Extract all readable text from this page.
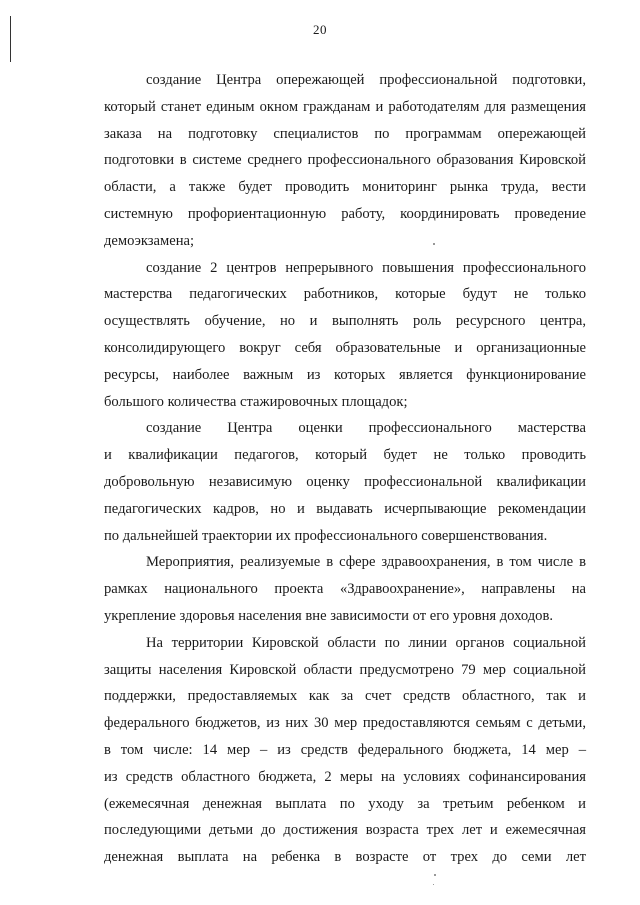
20
создание Центра опережающей профессиональной подготовки,
который станет единым окном гражданам и работодателям для размещения
заказа на подготовку специалистов по программам опережающей
подготовки в системе среднего профессионального образования Кировской
области, а также будет проводить мониторинг рынка труда, вести
системную профориентационную работу, координировать проведение
демоэкзамена;
создание 2 центров непрерывного повышения профессионального
мастерства педагогических работников, которые будут не только
осуществлять обучение, но и выполнять роль ресурсного центра,
консолидирующего вокруг себя образовательные и организационные
ресурсы, наиболее важным из которых является функционирование
большого количества стажировочных площадок;
создание Центра оценки профессионального мастерства
и квалификации педагогов, который будет не только проводить
добровольную независимую оценку профессиональной квалификации
педагогических кадров, но и выдавать исчерпывающие рекомендации
по дальнейшей траектории их профессионального совершенствования.
Мероприятия, реализуемые в сфере здравоохранения, в том числе в
рамках национального проекта «Здравоохранение», направлены на
укрепление здоровья населения вне зависимости от его уровня доходов.
На территории Кировской области по линии органов социальной
защиты населения Кировской области предусмотрено 79 мер социальной
поддержки, предоставляемых как за счет средств областного, так и
федерального бюджетов, из них 30 мер предоставляются семьям с детьми,
в том числе: 14 мер – из средств федерального бюджета, 14 мер –
из средств областного бюджета, 2 меры на условиях софинансирования
(ежемесячная денежная выплата по уходу за третьим ребенком и
последующими детьми до достижения возраста трех лет и ежемесячная
денежная выплата на ребенка в возрасте от трех до семи лет
